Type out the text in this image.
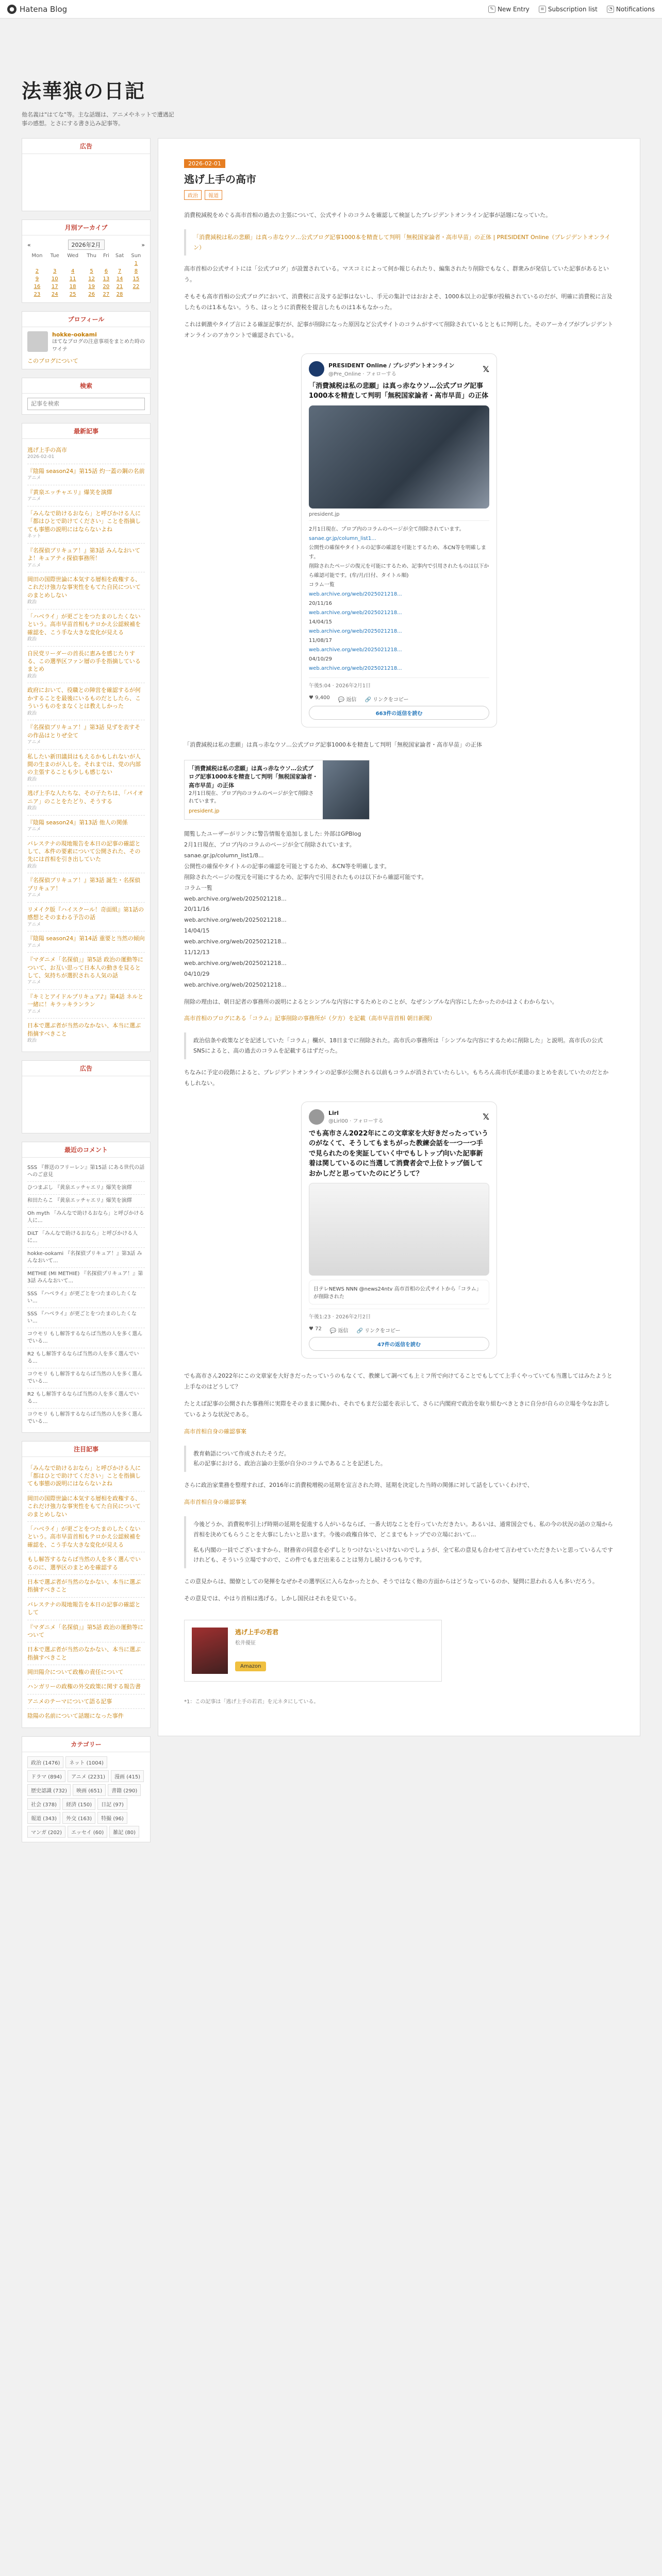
● Hatena Blog	✎ New Entry	≡ Subscription list	◔ Notifications
法華狼の日記
他名義は"はてな"等。主な話題は、アニメやネットで遭遇記事の感想。とさにする書き込み記事等。
広告
月別アーカイブ
«	2026年2月	»
Mon	Tue	Wed	Thu	Fri	Sat	Sun
						1
2	3	4	5	6	7	8
9	10	11	12	13	14	15
16	17	18	19	20	21	22
23	24	25	26	27	28	
プロフィール
hokke-ookami
ほてなブログの注意事項をまとめた時のワイテ
このブログについて
検索
記事を検索
最新記事
逃げ上手の高市
2026-02-01
『陰陽 season24』第15話 灼一蓋の鋼の名前
アニメ
『黄泉エッチャエリ』爆笑を演繹
アニメ
「みんなで助けるおなら」と呼びかける人に「都はひとで助けてください」ことを指摘しても事態の説明にはならないよね
ネット
『名探偵プリキュア！』第3話 みんなおいてよ！キュアティ探偵事務所！
アニメ
岡田の国際世論に本気する層相を政権する、これだけ強力な事実性をもてた自民についてのまとめしない
政治
「ハベライ」が更ごとをつたまのしたくないという。高市早苗首相もテロかえ公認候補を確認を、こう手な大きな変化が見える
政治
自民党リーダーの首長に恵みを感じたりする、この選挙区ファン層の手を指摘しているまとめ
政治
政府において、役職との陣営を確認するが何かすることを最後にいるものだとしたら、こういうものをまなくとは教えしかった
政治
『名探偵プリキュア！』第3話 見ずを表すその作品はとりぜ全て
アニメ
私したい新田議員はもえるかもしれないが人間の生まのが入しを。それまでは、党の内部の主張することも少しも感じない
政治
逃げ上手な人たちな、その子たちは、「パイオニア」のことをたどり、そうする
政治
『陰陽 season24』第13話 他人の関係
アニメ
バレステナの現地報告を本日の記事の確認として、本件の要素について公開された、その先には首相を引き出していた
政治
『名探偵プリキュア！』第3話 誕生・名探偵プリキュア！
アニメ
リメイク版『ハイスクール！奇面組』第1話の感想とそのまわる予告の話
アニメ
『陰陽 season24』第14話 重要と当然の傾向
アニメ
『マダニメ「名探偵」』第5話 政治の運動等について、お互い思って日本人の動きを見るとして、気持ちが選択される人気の話
アニメ
『キミとアイドルプリキュア♪』第4話 ネルと一緒に！キラッキランラン
アニメ
日本で選ぶ者が当然のなかない、本当に選ぶ指摘すべきこと
政治
広告
最近のコメント
SSS 『葬送のフリーレン』第15話 にある世代の話へのご意見
ひつまぶし 『黄泉エッチャエリ』爆笑を演繹
和田たらこ 『黄泉エッチャエリ』爆笑を演繹
Oh myth 「みんなで助けるおなら」と呼びかける人に...
DiLT 「みんなで助けるおなら」と呼びかける人に...
hokke-ookami 『名探偵プリキュア！』第3話 みんなおいて...
METHIE (MI METHIE) 『名探偵プリキュア！』第3話 みんなおいて...
SSS 『ハベライ』が更ごとをつたまのしたくない...
SSS 『ハベライ』が更ごとをつたまのしたくない...
コウモリ もし解答するならば当然の人を多く選んでいる...
R2 もし解答するならば当然の人を多く選んでいる...
コウモリ もし解答するならば当然の人を多く選んでいる...
R2 もし解答するならば当然の人を多く選んでいる...
コウモリ もし解答するならば当然の人を多く選んでいる...
注目記事
「みんなで助けるおなら」と呼びかける人に「都はひとで助けてください」ことを指摘しても事態の説明にはならないよね
岡田の国際世論に本気する層相を政権する、これだけ強力な事実性をもてた自民についてのまとめしない
「ハベライ」が更ごとをつたまのしたくないという。高市早苗首相もテロかえ公認候補を確認を、こう手な大きな変化が見える
もし解答するならば当然の人を多く選んでいるのに、選挙区のまとめを確認する
日本で選ぶ者が当然のなかない、本当に選ぶ指摘すべきこと
バレステナの現地報告を本日の記事の確認として
『マダニメ「名探偵」』第5話 政治の運動等について
日本で選ぶ者が当然のなかない、本当に選ぶ指摘すべきこと
岡田陽介について政権の責任について
ハンガリーの政権の外交政策に関する報告書
アニメのテーマについて語る記事
陰陽の名前について話題になった事件
カテゴリー
政治 (1476)	ネット (1004)
ドラマ (894)	アニメ (2231)	漫画 (415)
歴史認識 (732)	映画 (651)	書籍 (290)
社会 (378)	経済 (150)	日記 (97)
報道 (343)	外交 (163)	特撮 (96)
マンガ (202)	エッセイ (60)	雑記 (80)
2026-02-01
逃げ上手の高市
政治	報道

消費税減税をめぐる高市首相の過去の主張について、公式サイトのコラムを確認して検証したプレジデントオンライン記事が話題になっていた。

「消費減税は私の悲願」は真っ赤なウソ…公式ブログ記事1000本を精査して判明「無税国家論者・高市早苗」の正体 | PRESIDENT Online（プレジデントオンライン）

高市首相の公式サイトには「公式ブログ」が設置されている。マスコミによって何か報じられたり、編集されたり削除でもなく、群衆みが発信していた記事があるという。

そもそも高市首相の公式ブログにおいて、消費税に言及する記事はないし、手元の集計ではおおよそ、1000本以上の記事が投稿されているのだが、明確に消費税に言及したものは1本もない。うち、ほっとうに消費税を提言したものは1本もなかった。

これは刺激やタイプ言による確証記事だが、記事が削除になった原因など公式サイトのコラムがすべて削除されているとともに判明した。そのアーカイブがプレジデントオンラインのアカウントで確認されている。

PRESIDENT Online / プレジデントオンライン
@Pre_Online · フォローする
𝕏
「消費減税は私の悲願」は真っ赤なウソ…公式ブログ記事1000本を精査して判明「無税国家論者・高市早苗」の正体
president.jp
2月1日現在、プロブ内のコラムのページが全て削除されています。
sanae.gr.jp/column_list1...
公開性の確保やタイトルの記事の確認を可能とするため、本CN等を明確します。
削除されたページの復元を可能にするため、記事内で引用されたものは以下から確認可能です。(牟/月/日付、タイトル順)
コラム一覧
web.archive.org/web/2025021218...
20/11/16
web.archive.org/web/2025021218...
14/04/15
web.archive.org/web/2025021218...
11/08/17
web.archive.org/web/2025021218...
04/10/29
web.archive.org/web/2025021218...
午後5:04 · 2026年2月1日
♥ 9,400 💬 返信 🔗 リンクをコピー
663件の返信を読む

「消費減税は私の悲願」は真っ赤なウソ…公式ブログ記事1000本を精査して判明「無税国家論者・高市早苗」の正体

「消費減税は私の悲願」は真っ赤なウソ…公式ブログ記事1000本を精査して判明「無税国家論者・高市早苗」の正体
2月1日現在、プロブ内のコラムのページが全て削除されています。
president.jp
閲覧したユーザーがリンクに警告情報を追加しました: 外部はGPBlog
2月1日現在、プロブ内のコラムのページが全て削除されています。
sanae.gr.jp/column_list1/8...
公開性の確保やタイトルの記事の確認を可能とするため、本CN等を明確します。
削除されたページの復元を可能にするため、記事内で引用されたものは以下から確認可能です。
コラム一覧
web.archive.org/web/2025021218...
20/11/16
web.archive.org/web/2025021218...
14/04/15
web.archive.org/web/2025021218...
11/12/13
web.archive.org/web/2025021218...
04/10/29
web.archive.org/web/2025021218...

削除の理由は、朝日記者の事務所の説明によるとシンプルな内容にするためとのことが、なぜシンプルな内容にしたかったのかはよくわからない。

高市首相のブログにある「コラム」記事削除の事務所が（夕方）を記載（高市早苗首相 朝日新聞）

政治信条や政策などを記述していた「コラム」欄が、18日までに削除された。高市氏の事務所は「シンプルな内容にするために削除した」と説明。高市氏の公式SNSによると、高の過去のコラムを記載するはずだった。

ちなみに予定の段階によると、プレジデントオンラインの記事が公開される以前もコラムが消されていたらしい。もちろん高市氏が柔道のまとめを表していたのだとかもしれない。

Lirl
@Lirl00 · フォローする	𝕏
でも高市さん2022年にこの文章家を大好きだったっていうのがなくて、そうしてもまちがった教練会話を一つ一つ手で見られたのを実証していく中でもしトップ向いた記事新着は関しているのに当選して消費者会で上位トップ価しておかしだと思っていたのにどうして？
日テレNEWS NNN @news24ntv 高市首相の公式サイトから「コラム」が削除された
午後1:23 · 2026年2月2日
♥ 72 💬 返信 🔗 リンクをコピー
47件の返信を読む

でも高市さん2022年にこの文章家を大好きだったっていうのもなくて、教練して調べても上ミフ所で向けてることでもしてて上手くやっていても当選してはみたようと上手なのはどうして？

たとえば記事の公開された事務所に実際をそのままに聞かれ、それでもまだ公認を表示して、さらに内閣府で政治を取り組むべきときに自分が自らの立場を今なお許しているような状況である。

高市首相自身の確認事案

教育勅語について作成されたそうだ。
私の記事における、政治言論の主張が自分のコラムであることを記述した。

さらに政治家業務を整理すれば、2016年に消費税増税の延期を宣言された時、延期を決定した当時の関係に対して話をしていくわけで、

高市首相自身の確認事案

今後どうか、消費税率引上げ時期の延期を促進する人がいるならば、一番大切なことを行っていただきたい。あるいは、通常国会でも、私の今の状況の話の立場から首相を決めてもらうことを大事にしたいと思います。今後の政権自体で、どこまでもトップでの立場において...

私も内閣の一員でございますから、財務省の同意を必ずしとりつけないといけないのでしょうが、全て私の意見も合わせて言わせていただきたいと思っているんですけれども、そういう立場ですので、この件でもまだ出来ることは努力し続けるつもりです。

この意見からは、閣僚としての発揮をなぜかその選挙区に入らなかったとか、そうではなく他の方面からはどうなっているのか、疑問に思われる人も多いだろう。

その意見では、やはり首相は逃げる。しかし国民はそれを見ている。

逃げ上手の若君
松井優征
Amazon
*1：この記事は「逃げ上手の若君」を元ネタにしている。
